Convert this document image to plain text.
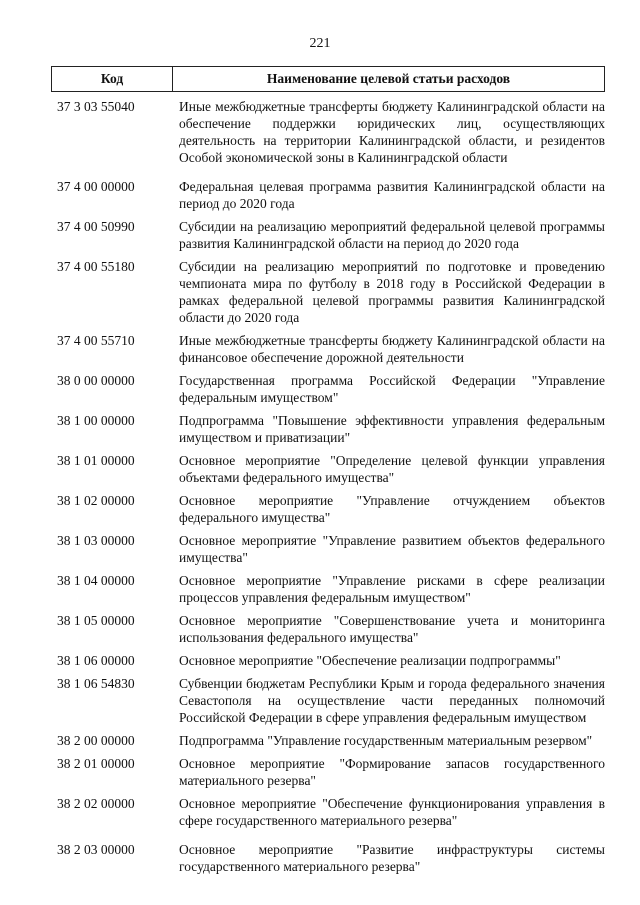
221
Код	Наименование целевой статьи расходов
37 3 03 55040	Иные межбюджетные трансферты бюджету Калининградской области на обеспечение поддержки юридических лиц, осуществляющих деятельность на территории Калининградской области, и резидентов Особой экономической зоны в Калининградской области
37 4 00 00000	Федеральная целевая программа развития Калининградской области на период до 2020 года
37 4 00 50990	Субсидии на реализацию мероприятий федеральной целевой программы развития Калининградской области на период до 2020 года
37 4 00 55180	Субсидии на реализацию мероприятий по подготовке и проведению чемпионата мира по футболу в 2018 году в Российской Федерации в рамках федеральной целевой программы развития Калининградской области до 2020 года
37 4 00 55710	Иные межбюджетные трансферты бюджету Калининградской области на финансовое обеспечение дорожной деятельности
38 0 00 00000	Государственная программа Российской Федерации "Управление федеральным имуществом"
38 1 00 00000	Подпрограмма "Повышение эффективности управления федеральным имуществом и приватизации"
38 1 01 00000	Основное мероприятие "Определение целевой функции управления объектами федерального имущества"
38 1 02 00000	Основное мероприятие "Управление отчуждением объектов федерального имущества"
38 1 03 00000	Основное мероприятие "Управление развитием объектов федерального имущества"
38 1 04 00000	Основное мероприятие "Управление рисками в сфере реализации процессов управления федеральным имуществом"
38 1 05 00000	Основное мероприятие "Совершенствование учета и мониторинга использования федерального имущества"
38 1 06 00000	Основное мероприятие "Обеспечение реализации подпрограммы"
38 1 06 54830	Субвенции бюджетам Республики Крым и города федерального значения Севастополя на осуществление части переданных полномочий Российской Федерации в сфере управления федеральным имуществом
38 2 00 00000	Подпрограмма "Управление государственным материальным резервом"
38 2 01 00000	Основное мероприятие "Формирование запасов государственного материального резерва"
38 2 02 00000	Основное мероприятие "Обеспечение функционирования управления в сфере государственного материального резерва"
38 2 03 00000	Основное мероприятие "Развитие инфраструктуры системы государственного материального резерва"
